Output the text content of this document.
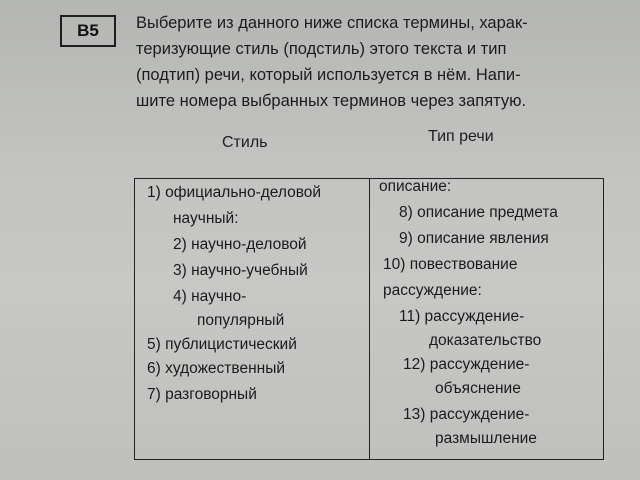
В5	Выберите из данного ниже списка термины, харак-
теризующие стиль (подстиль) этого текста и тип
(подтип) речи, который используется в нём. Напи-
шите номера выбранных терминов через запятую.

Стиль	Тип речи
1) официально-деловой
научный:
2) научно-деловой
3) научно-учебный
4) научно-
популярный
5) публицистический
6) художественный
7) разговорный
описание:
8) описание предмета
9) описание явления
10) повествование
рассуждение:
11) рассуждение-
доказательство
12) рассуждение-
объяснение
13) рассуждение-
размышление
